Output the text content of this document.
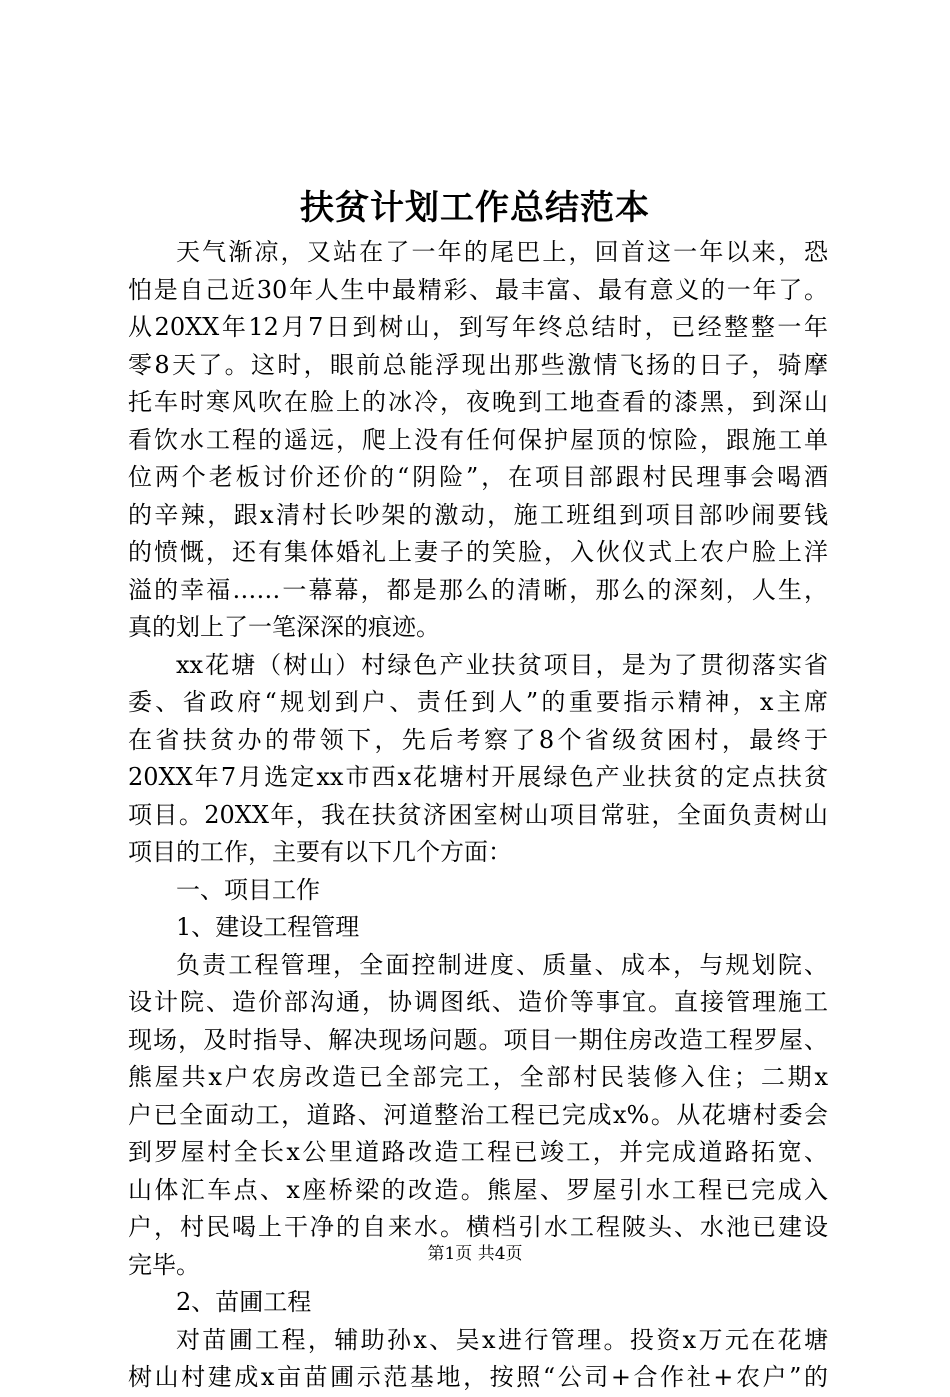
扶贫计划工作总结范本
天气渐凉，又站在了一年的尾巴上，回首这一年以来，恐
怕是自己近30年人生中最精彩、最丰富、最有意义的一年了。
从20XX年12月7日到树山，到写年终总结时，已经整整一年
零8天了。这时，眼前总能浮现出那些激情飞扬的日子，骑摩
托车时寒风吹在脸上的冰冷，夜晚到工地查看的漆黑，到深山
看饮水工程的遥远，爬上没有任何保护屋顶的惊险，跟施工单
位两个老板讨价还价的“阴险”，在项目部跟村民理事会喝酒
的辛辣，跟x清村长吵架的激动，施工班组到项目部吵闹要钱
的愤慨，还有集体婚礼上妻子的笑脸，入伙仪式上农户脸上洋
溢的幸福……一幕幕，都是那么的清晰，那么的深刻，人生，
真的划上了一笔深深的痕迹。
xx花塘（树山）村绿色产业扶贫项目，是为了贯彻落实省
委、省政府“规划到户、责任到人”的重要指示精神，x主席
在省扶贫办的带领下，先后考察了8个省级贫困村，最终于
20XX年7月选定xx市西x花塘村开展绿色产业扶贫的定点扶贫
项目。20XX年，我在扶贫济困室树山项目常驻，全面负责树山
项目的工作，主要有以下几个方面：
一、项目工作
1、建设工程管理
负责工程管理，全面控制进度、质量、成本，与规划院、
设计院、造价部沟通，协调图纸、造价等事宜。直接管理施工
现场，及时指导、解决现场问题。项目一期住房改造工程罗屋、
熊屋共x户农房改造已全部完工，全部村民装修入住；二期x
户已全面动工，道路、河道整治工程已完成x%。从花塘村委会
到罗屋村全长x公里道路改造工程已竣工，并完成道路拓宽、
山体汇车点、x座桥梁的改造。熊屋、罗屋引水工程已完成入
户，村民喝上干净的自来水。横档引水工程陂头、水池已建设
完毕。
2、苗圃工程
对苗圃工程，辅助孙x、吴x进行管理。投资x万元在花塘
树山村建成x亩苗圃示范基地，按照“公司+合作社+农户”的
第1页 共4页
